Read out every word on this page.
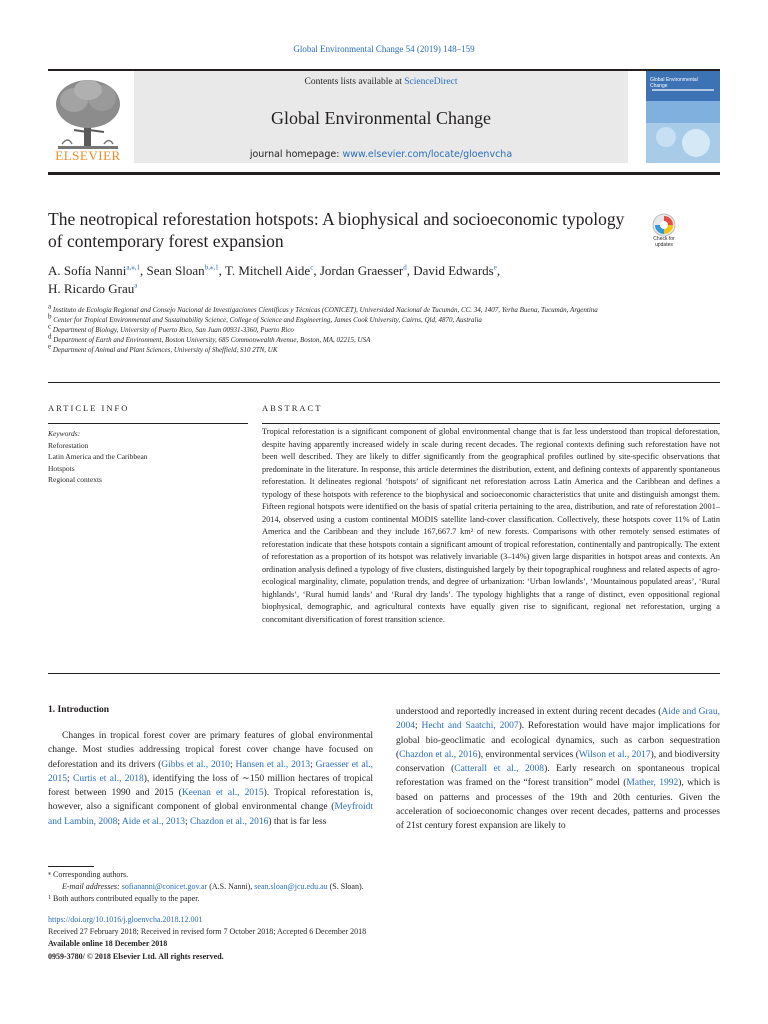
Global Environmental Change 54 (2019) 148–159
ELSEVIER
Contents lists available at ScienceDirect
Global Environmental Change
journal homepage: www.elsevier.com/locate/gloenvcha
Global Environmental Change
The neotropical reforestation hotspots: A biophysical and socioeconomic typology of contemporary forest expansion	Check for updates
A. Sofía Nanni$^{a,⁎,1}$, Sean Sloan$^{b,⁎,1}$, T. Mitchell Aide$^c$, Jordan Graesser$^d$, David Edwards$^e$,
H. Ricardo Grau$^a$
$^a$ Instituto de Ecología Regional and Consejo Nacional de Investigaciones Científicas y Técnicas (CONICET), Universidad Nacional de Tucumán, CC. 34, 1407, Yerba Buena, Tucumán, Argentina
$^b$ Center for Tropical Environmental and Sustainability Science, College of Science and Engineering, James Cook University, Cairns, Qld, 4870, Australia
$^c$ Department of Biology, University of Puerto Rico, San Juan 00931-3360, Puerto Rico
$^d$ Department of Earth and Environment, Boston University, 685 Commonwealth Avenue, Boston, MA, 02215, USA
$^e$ Department of Animal and Plant Sciences, University of Sheffield, S10 2TN, UK
ARTICLE INFO
Keywords:
Reforestation
Latin America and the Caribbean
Hotspots
Regional contexts
ABSTRACT
Tropical reforestation is a significant component of global environmental change that is far less understood than tropical deforestation, despite having apparently increased widely in scale during recent decades. The regional contexts defining such reforestation have not been well described. They are likely to differ significantly from the geographical profiles outlined by site-specific observations that predominate in the literature. In response, this article determines the distribution, extent, and defining contexts of apparently spontaneous reforestation. It delineates regional ‘hotspots’ of significant net reforestation across Latin America and the Caribbean and defines a typology of these hotspots with reference to the biophysical and socioeconomic characteristics that unite and distinguish amongst them. Fifteen regional hotspots were identified on the basis of spatial criteria pertaining to the area, distribution, and rate of reforestation 2001–2014, observed using a custom continental MODIS satellite land-cover classification. Collectively, these hotspots cover 11% of Latin America and the Caribbean and they include 167,667.7 km² of new forests. Comparisons with other remotely sensed estimates of reforestation indicate that these hotspots contain a significant amount of tropical reforestation, continentally and pantropically. The extent of reforestation as a proportion of its hotspot was relatively invariable (3–14%) given large disparities in hotspot areas and contexts. An ordination analysis defined a typology of five clusters, distinguished largely by their topographical roughness and related aspects of agro-ecological marginality, climate, population trends, and degree of urbanization: ‘Urban lowlands’, ‘Mountainous populated areas’, ‘Rural highlands’, ‘Rural humid lands’ and ‘Rural dry lands’. The typology highlights that a range of distinct, even oppositional regional biophysical, demographic, and agricultural contexts have equally given rise to significant, regional net reforestation, urging a concomitant diversification of forest transition science.
1. Introduction

Changes in tropical forest cover are primary features of global environmental change. Most studies addressing tropical forest cover change have focused on deforestation and its drivers (Gibbs et al., 2010; Hansen et al., 2013; Graesser et al., 2015; Curtis et al., 2018), identifying the loss of ∼150 million hectares of tropical forest between 1990 and 2015 (Keenan et al., 2015). Tropical reforestation is, however, also a significant component of global environmental change (Meyfroidt and Lambin, 2008; Aide et al., 2013; Chazdon et al., 2016) that is far less

understood and reportedly increased in extent during recent decades (Aide and Grau, 2004; Hecht and Saatchi, 2007). Reforestation would have major implications for global bio-geoclimatic and ecological dynamics, such as carbon sequestration (Chazdon et al., 2016), environmental services (Wilson et al., 2017), and biodiversity conservation (Catterall et al., 2008). Early research on spontaneous tropical reforestation was framed on the “forest transition” model (Mather, 1992), which is based on patterns and processes of the 19th and 20th centuries. Given the acceleration of socioeconomic changes over recent decades, patterns and processes of 21st century forest expansion are likely to

⁎ Corresponding authors.
E-mail addresses: sofiananni@conicet.gov.ar (A.S. Nanni), sean.sloan@jcu.edu.au (S. Sloan).
$^1$ Both authors contributed equally to the paper.
https://doi.org/10.1016/j.gloenvcha.2018.12.001
Received 27 February 2018; Received in revised form 7 October 2018; Accepted 6 December 2018
Available online 18 December 2018
0959-3780/ © 2018 Elsevier Ltd. All rights reserved.
